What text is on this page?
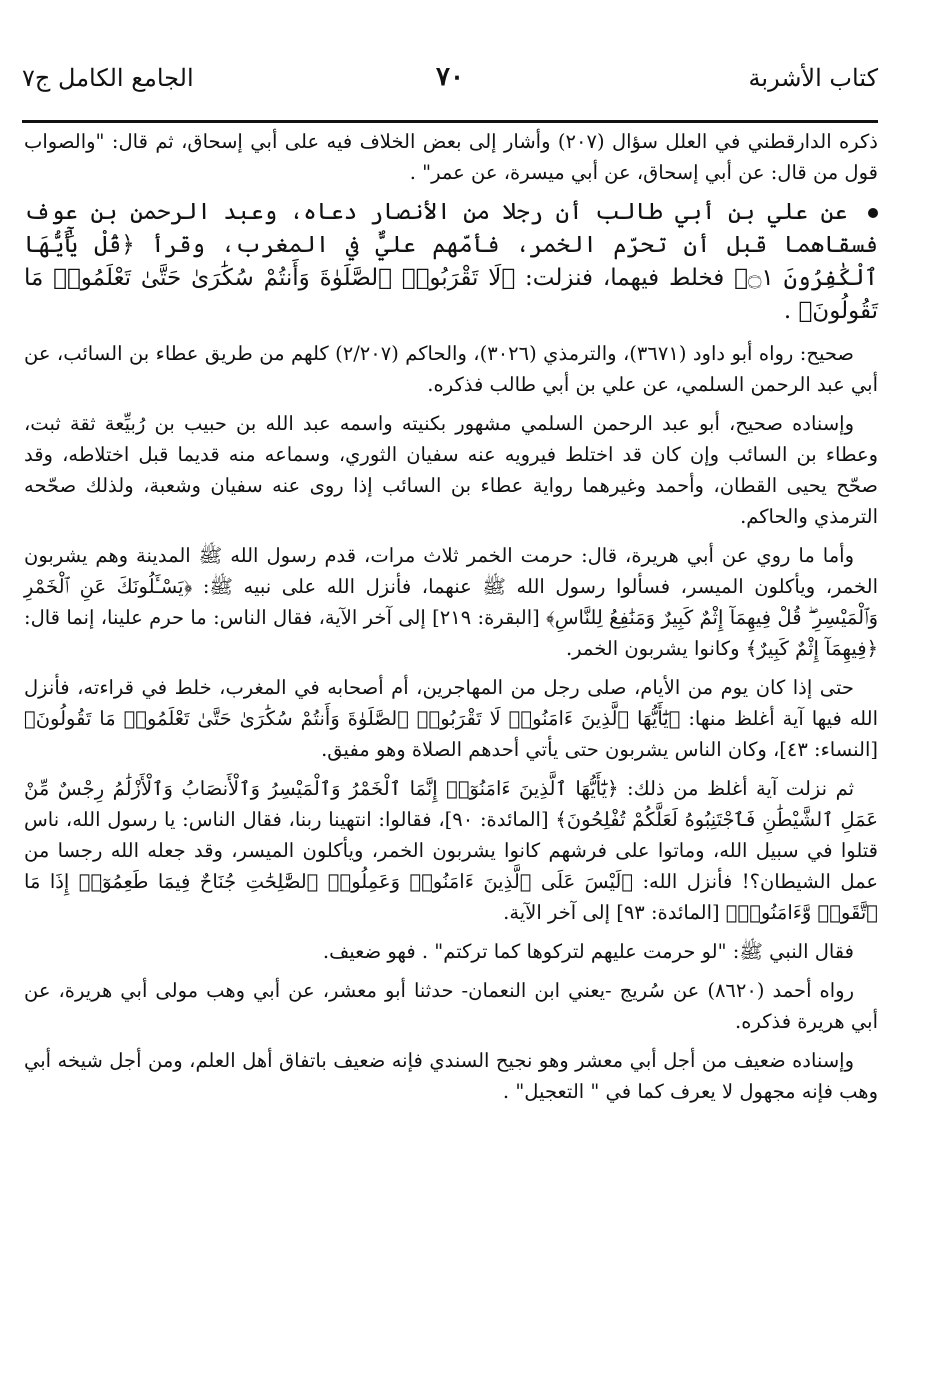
كتاب الأشربة
٧٠
الجامع الكامل ج٧

ذكره الدارقطني في العلل سؤال (٢٠٧) وأشار إلى بعض الخلاف فيه على أبي إسحاق، ثم قال: "والصواب قول من قال: عن أبي إسحاق، عن أبي ميسرة، عن عمر" .

عن علي بن أبي طالب أن رجلا من الأنصار دعاه، وعبد الرحمن بن عوف فسقاهما قبل أن تحرّم الخمر، فأمّهم عليٌّ في المغرب، وقرأ ﴿قُلْ يَٰٓأَيُّهَا ٱلْكَٰفِرُونَ ۝١﴾ فخلط فيهما، فنزلت: ﴿لَا تَقْرَبُوا۟ ٱلصَّلَوٰةَ وَأَنتُمْ سُكَٰرَىٰ حَتَّىٰ تَعْلَمُوا۟ مَا تَقُولُونَ﴾ .

صحيح: رواه أبو داود (٣٦٧١)، والترمذي (٣٠٢٦)، والحاكم (٢/٢٠٧) كلهم من طريق عطاء بن السائب، عن أبي عبد الرحمن السلمي، عن علي بن أبي طالب فذكره.

وإسناده صحيح، أبو عبد الرحمن السلمي مشهور بكنيته واسمه عبد الله بن حبيب بن رُبيِّعة ثقة ثبت، وعطاء بن السائب وإن كان قد اختلط فيرويه عنه سفيان الثوري، وسماعه منه قديما قبل اختلاطه، وقد صحّح يحيى القطان، وأحمد وغيرهما رواية عطاء بن السائب إذا روى عنه سفيان وشعبة، ولذلك صحّحه الترمذي والحاكم.

وأما ما روي عن أبي هريرة، قال: حرمت الخمر ثلاث مرات، قدم رسول الله ﷺ المدينة وهم يشربون الخمر، ويأكلون الميسر، فسألوا رسول الله ﷺ عنهما، فأنزل الله على نبيه ﷺ: ﴿يَسْـَٔلُونَكَ عَنِ ٱلْخَمْرِ وَٱلْمَيْسِرِ ۖ قُلْ فِيهِمَآ إِثْمٌ كَبِيرٌ وَمَنَٰفِعُ لِلنَّاسِ﴾ [البقرة: ٢١٩] إلى آخر الآية، فقال الناس: ما حرم علينا، إنما قال: ﴿فِيهِمَآ إِثْمٌ كَبِيرٌ﴾ وكانوا يشربون الخمر.

حتى إذا كان يوم من الأيام، صلى رجل من المهاجرين، أم أصحابه في المغرب، خلط في قراءته، فأنزل الله فيها آية أغلظ منها: ﴿يَٰٓأَيُّهَا ٱلَّذِينَ ءَامَنُوا۟ لَا تَقْرَبُوا۟ ٱلصَّلَوٰةَ وَأَنتُمْ سُكَٰرَىٰ حَتَّىٰ تَعْلَمُوا۟ مَا تَقُولُونَ﴾ [النساء: ٤٣]، وكان الناس يشربون حتى يأتي أحدهم الصلاة وهو مفيق.

ثم نزلت آية أغلظ من ذلك: ﴿يَٰٓأَيُّهَا ٱلَّذِينَ ءَامَنُوٓا۟ إِنَّمَا ٱلْخَمْرُ وَٱلْمَيْسِرُ وَٱلْأَنصَابُ وَٱلْأَزْلَٰمُ رِجْسٌ مِّنْ عَمَلِ ٱلشَّيْطَٰنِ فَٱجْتَنِبُوهُ لَعَلَّكُمْ تُفْلِحُونَ﴾ [المائدة: ٩٠]، فقالوا: انتهينا ربنا، فقال الناس: يا رسول الله، ناس قتلوا في سبيل الله، وماتوا على فرشهم كانوا يشربون الخمر، ويأكلون الميسر، وقد جعله الله رجسا من عمل الشيطان؟! فأنزل الله: ﴿لَيْسَ عَلَى ٱلَّذِينَ ءَامَنُوا۟ وَعَمِلُوا۟ ٱلصَّٰلِحَٰتِ جُنَاحٌ فِيمَا طَعِمُوٓا۟ إِذَا مَا ٱتَّقَوا۟ وَّءَامَنُوا۟﴾ [المائدة: ٩٣] إلى آخر الآية.

فقال النبي ﷺ: "لو حرمت عليهم لتركوها كما تركتم" . فهو ضعيف.

رواه أحمد (٨٦٢٠) عن سُريج -يعني ابن النعمان- حدثنا أبو معشر، عن أبي وهب مولى أبي هريرة، عن أبي هريرة فذكره.

وإسناده ضعيف من أجل أبي معشر وهو نجيح السندي فإنه ضعيف باتفاق أهل العلم، ومن أجل شيخه أبي وهب فإنه مجهول لا يعرف كما في " التعجيل" .
